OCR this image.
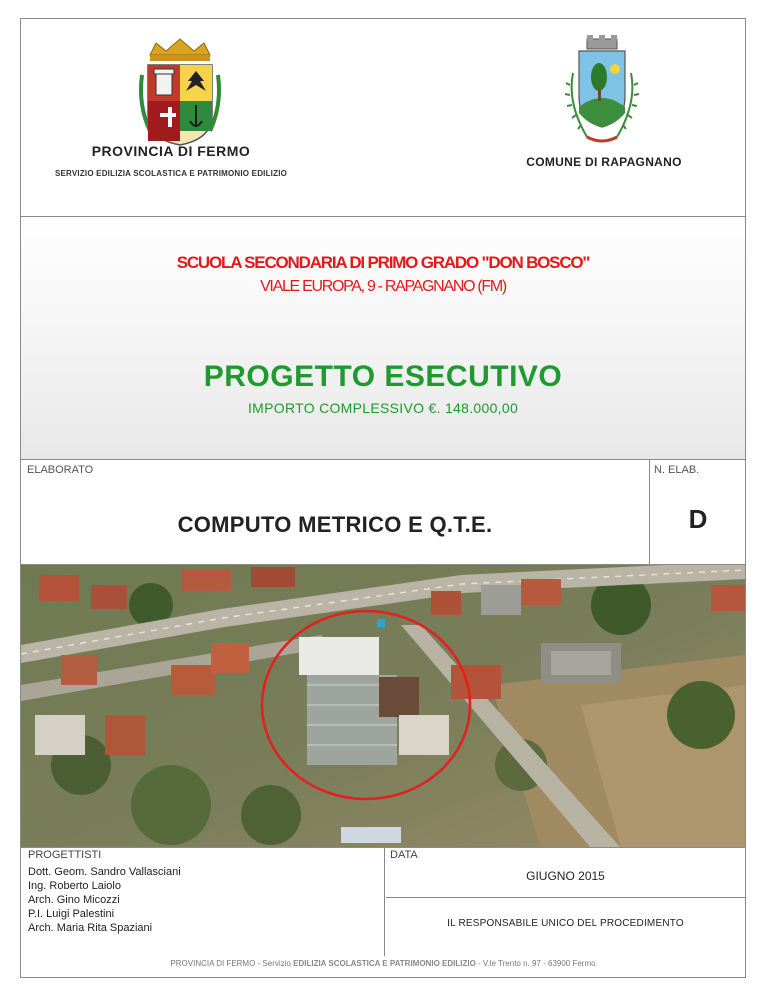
PROVINCIA DI FERMO
SERVIZIO EDILIZIA SCOLASTICA E PATRIMONIO EDILIZIO
COMUNE DI RAPAGNANO
SCUOLA SECONDARIA DI PRIMO GRADO "DON BOSCO"
VIALE EUROPA, 9 - RAPAGNANO (FM)
PROGETTO ESECUTIVO
IMPORTO COMPLESSIVO €. 148.000,00
ELABORATO
COMPUTO METRICO E Q.T.E.
N. ELAB.
D
PROGETTISTI
Dott. Geom. Sandro Vallasciani
Ing. Roberto Laiolo
Arch. Gino Micozzi
P.I. Luigi Palestini
Arch. Maria Rita Spaziani
DATA
GIUGNO 2015
IL RESPONSABILE UNICO DEL PROCEDIMENTO
PROVINCIA DI FERMO - Servizio EDILIZIA SCOLASTICA E PATRIMONIO EDILIZIO - V.le Trento n. 97 - 63900 Fermo
